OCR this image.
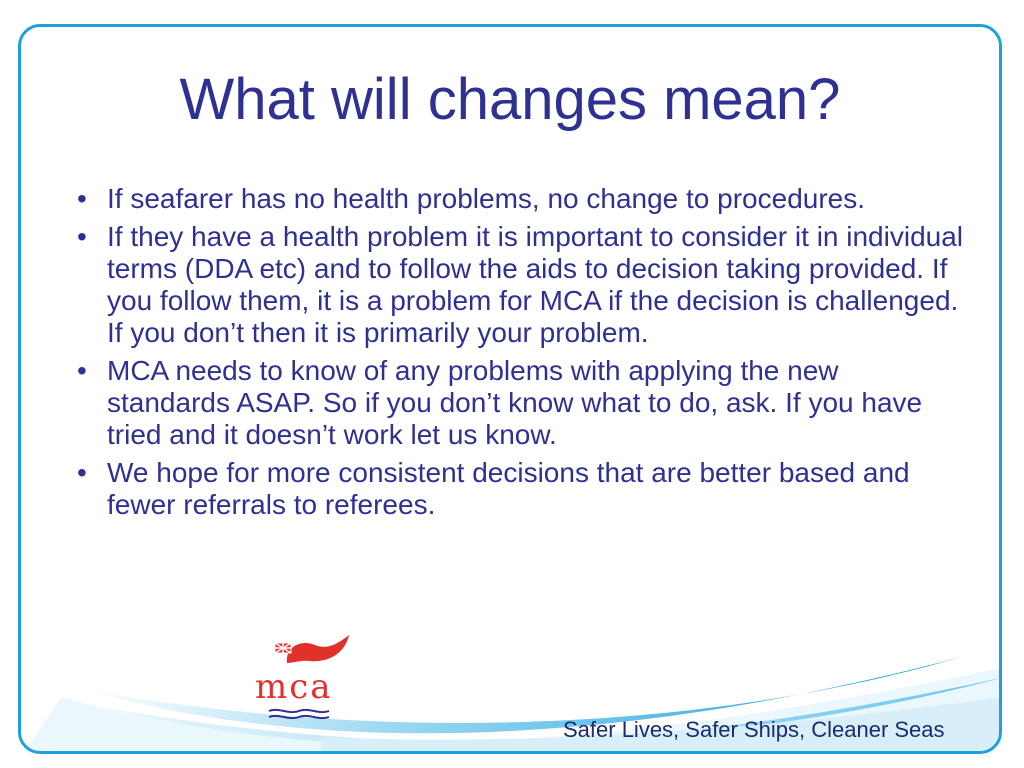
What will changes mean?
• If seafarer has no health problems, no change to procedures.
• If they have a health problem it is important to consider it in individual terms (DDA etc) and to follow the aids to decision taking provided. If you follow them, it is a problem for MCA if the decision is challenged. If you don’t then it is primarily your problem.
• MCA needs to know of any problems with applying the new standards ASAP. So if you don’t know what to do, ask. If you have tried and it doesn’t work let us know.
• We hope for more consistent decisions that are better based and fewer referrals to referees.
mca
Safer Lives, Safer Ships, Cleaner Seas
